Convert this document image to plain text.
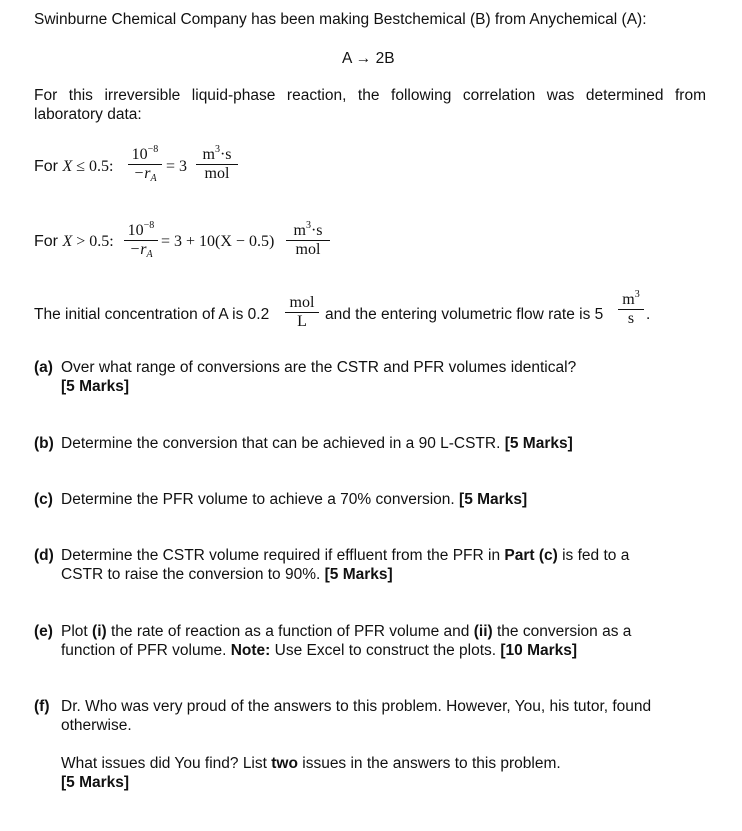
Swinburne Chemical Company has been making Bestchemical (B) from Anychemical (A):
A → 2B
For this irreversible liquid-phase reaction, the following correlation was determined from laboratory data:
For X ≤ 0.5: $\frac{10^{-8}}{-rA} = 3$
$m^3\cdot s$
mol
For X > 0.5: $\frac{10^{-8}}{-rA} = 3 + 10(X - 0.5)$
$m^3\cdot s$
mol
The initial concentration of A is 0.2
mol
L	and the entering volumetric flow rate is $5 \frac{m^3}{s}$ .
(a) Over what range of conversions are the CSTR and PFR volumes identical?
[5 Marks]
(b) Determine the conversion that can be achieved in a 90 L-CSTR. [5 Marks]
(c) Determine the PFR volume to achieve a 70% conversion. [5 Marks]
(d) Determine the CSTR volume required if effluent from the PFR in Part (c) is fed to a CSTR to raise the conversion to 90%. [5 Marks]
(e) Plot (i) the rate of reaction as a function of PFR volume and (ii) the conversion as a function of PFR volume. Note: Use Excel to construct the plots. [10 Marks]
(f) Dr. Who was very proud of the answers to this problem. However, You, his tutor, found otherwise.
What issues did You find? List two issues in the answers to this problem.
[5 Marks]
